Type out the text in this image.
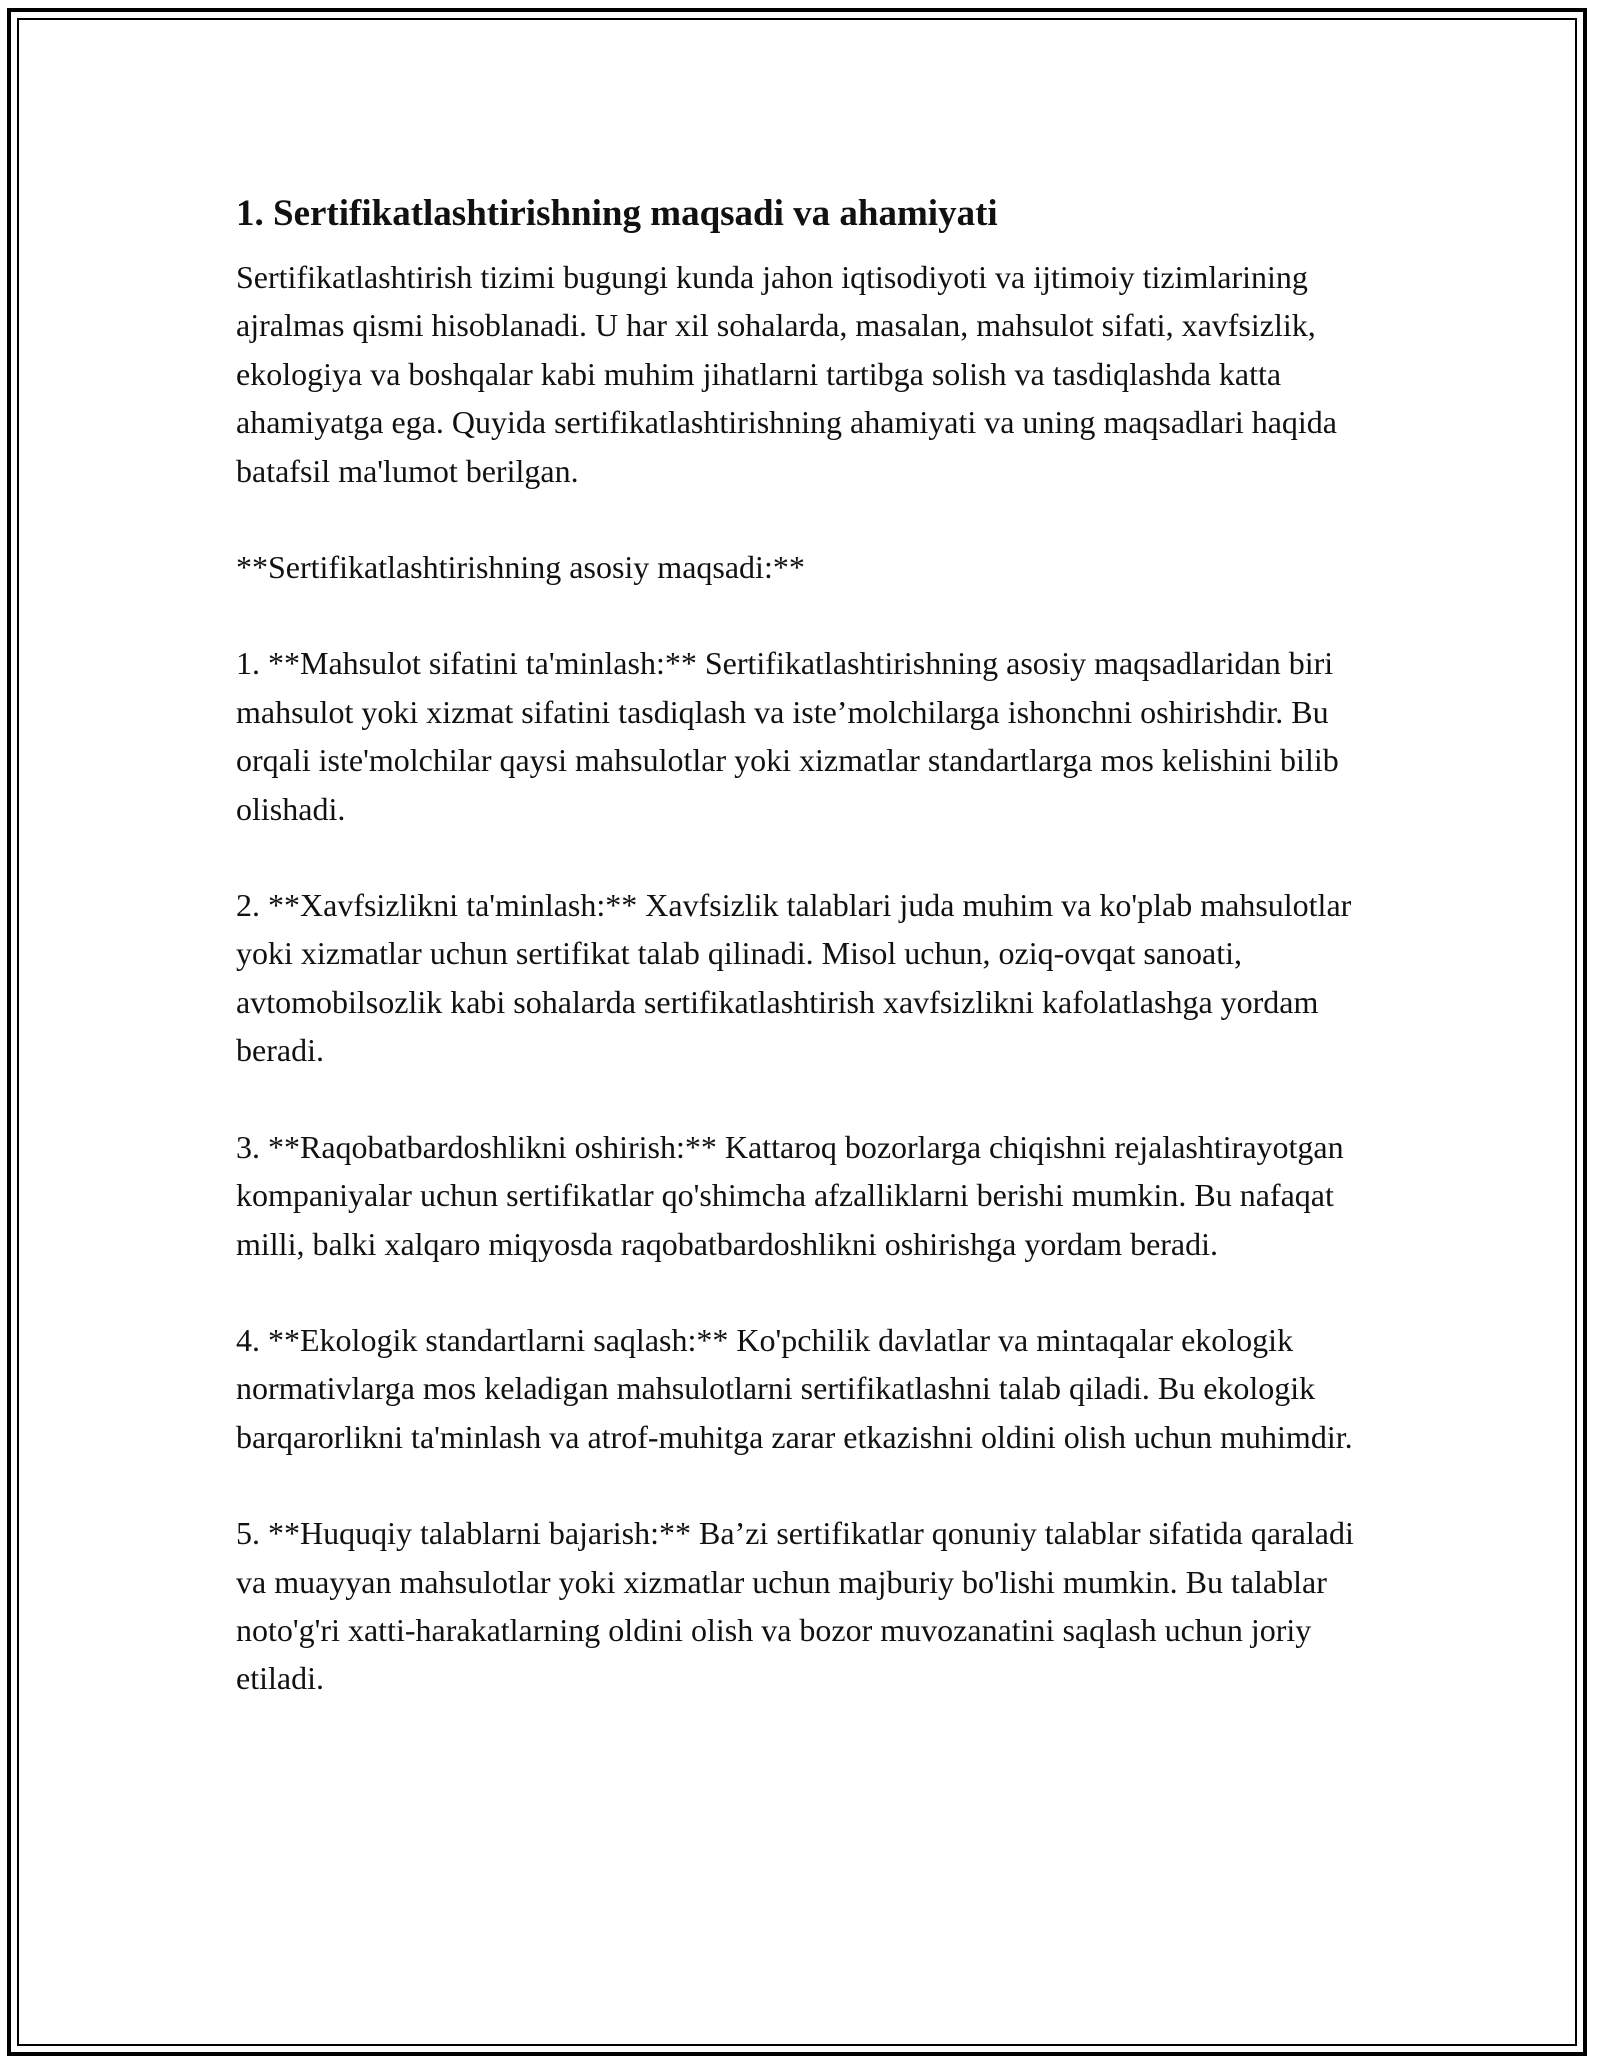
1. Sertifikatlashtirishning maqsadi va ahamiyati

Sertifikatlashtirish tizimi bugungi kunda jahon iqtisodiyoti va ijtimoiy tizimlarining ajralmas qismi hisoblanadi. U har xil sohalarda, masalan, mahsulot sifati, xavfsizlik, ekologiya va boshqalar kabi muhim jihatlarni tartibga solish va tasdiqlashda katta ahamiyatga ega. Quyida sertifikatlashtirishning ahamiyati va uning maqsadlari haqida batafsil ma'lumot berilgan.

**Sertifikatlashtirishning asosiy maqsadi:**

1. **Mahsulot sifatini ta'minlash:** Sertifikatlashtirishning asosiy maqsadlaridan biri mahsulot yoki xizmat sifatini tasdiqlash va iste’molchilarga ishonchni oshirishdir. Bu orqali iste'molchilar qaysi mahsulotlar yoki xizmatlar standartlarga mos kelishini bilib olishadi.

2. **Xavfsizlikni ta'minlash:** Xavfsizlik talablari juda muhim va ko'plab mahsulotlar yoki xizmatlar uchun sertifikat talab qilinadi. Misol uchun, oziq-ovqat sanoati, avtomobilsozlik kabi sohalarda sertifikatlashtirish xavfsizlikni kafolatlashga yordam beradi.

3. **Raqobatbardoshlikni oshirish:** Kattaroq bozorlarga chiqishni rejalashtirayotgan kompaniyalar uchun sertifikatlar qo'shimcha afzalliklarni berishi mumkin. Bu nafaqat milli, balki xalqaro miqyosda raqobatbardoshlikni oshirishga yordam beradi.

4. **Ekologik standartlarni saqlash:** Ko'pchilik davlatlar va mintaqalar ekologik normativlarga mos keladigan mahsulotlarni sertifikatlashni talab qiladi. Bu ekologik barqarorlikni ta'minlash va atrof-muhitga zarar etkazishni oldini olish uchun muhimdir.

5. **Huquqiy talablarni bajarish:** Ba’zi sertifikatlar qonuniy talablar sifatida qaraladi va muayyan mahsulotlar yoki xizmatlar uchun majburiy bo'lishi mumkin. Bu talablar noto'g'ri xatti-harakatlarning oldini olish va bozor muvozanatini saqlash uchun joriy etiladi.
